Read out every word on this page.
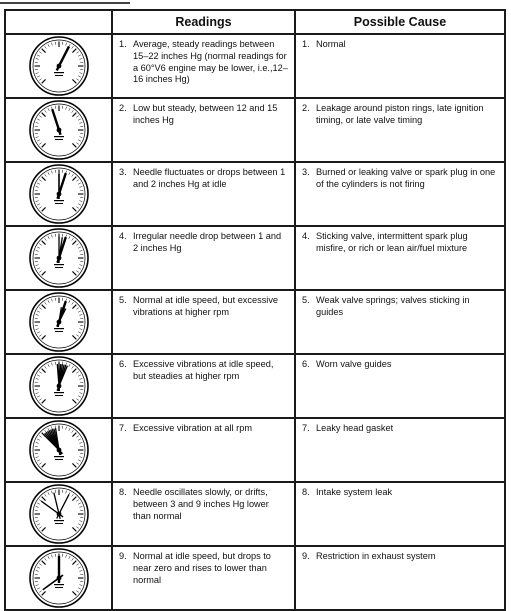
	Readings	Possible Cause

1. Average, steady readings between 15–22 inches Hg (normal readings for a 60°V6 engine may be lower, i.e.,12–16 inches Hg)	1. Normal

2. Low but steady, between 12 and 15 inches Hg	2. Leakage around piston rings, late ignition timing, or late valve timing

3. Needle fluctuates or drops between 1 and 2 inches Hg at idle	3. Burned or leaking valve or spark plug in one of the cylinders is not firing

4. Irregular needle drop between 1 and 2 inches Hg	4. Sticking valve, intermittent spark plug misfire, or rich or lean air/fuel mixture

5. Normal at idle speed, but excessive vibrations at higher rpm	5. Weak valve springs; valves sticking in guides

6. Excessive vibrations at idle speed, but steadies at higher rpm	6. Worn valve guides

7. Excessive vibration at all rpm	7. Leaky head gasket

8. Needle oscillates slowly, or drifts, between 3 and 9 inches Hg lower than normal	8. Intake system leak

9. Normal at idle speed, but drops to near zero and rises to lower than normal	9. Restriction in exhaust system
